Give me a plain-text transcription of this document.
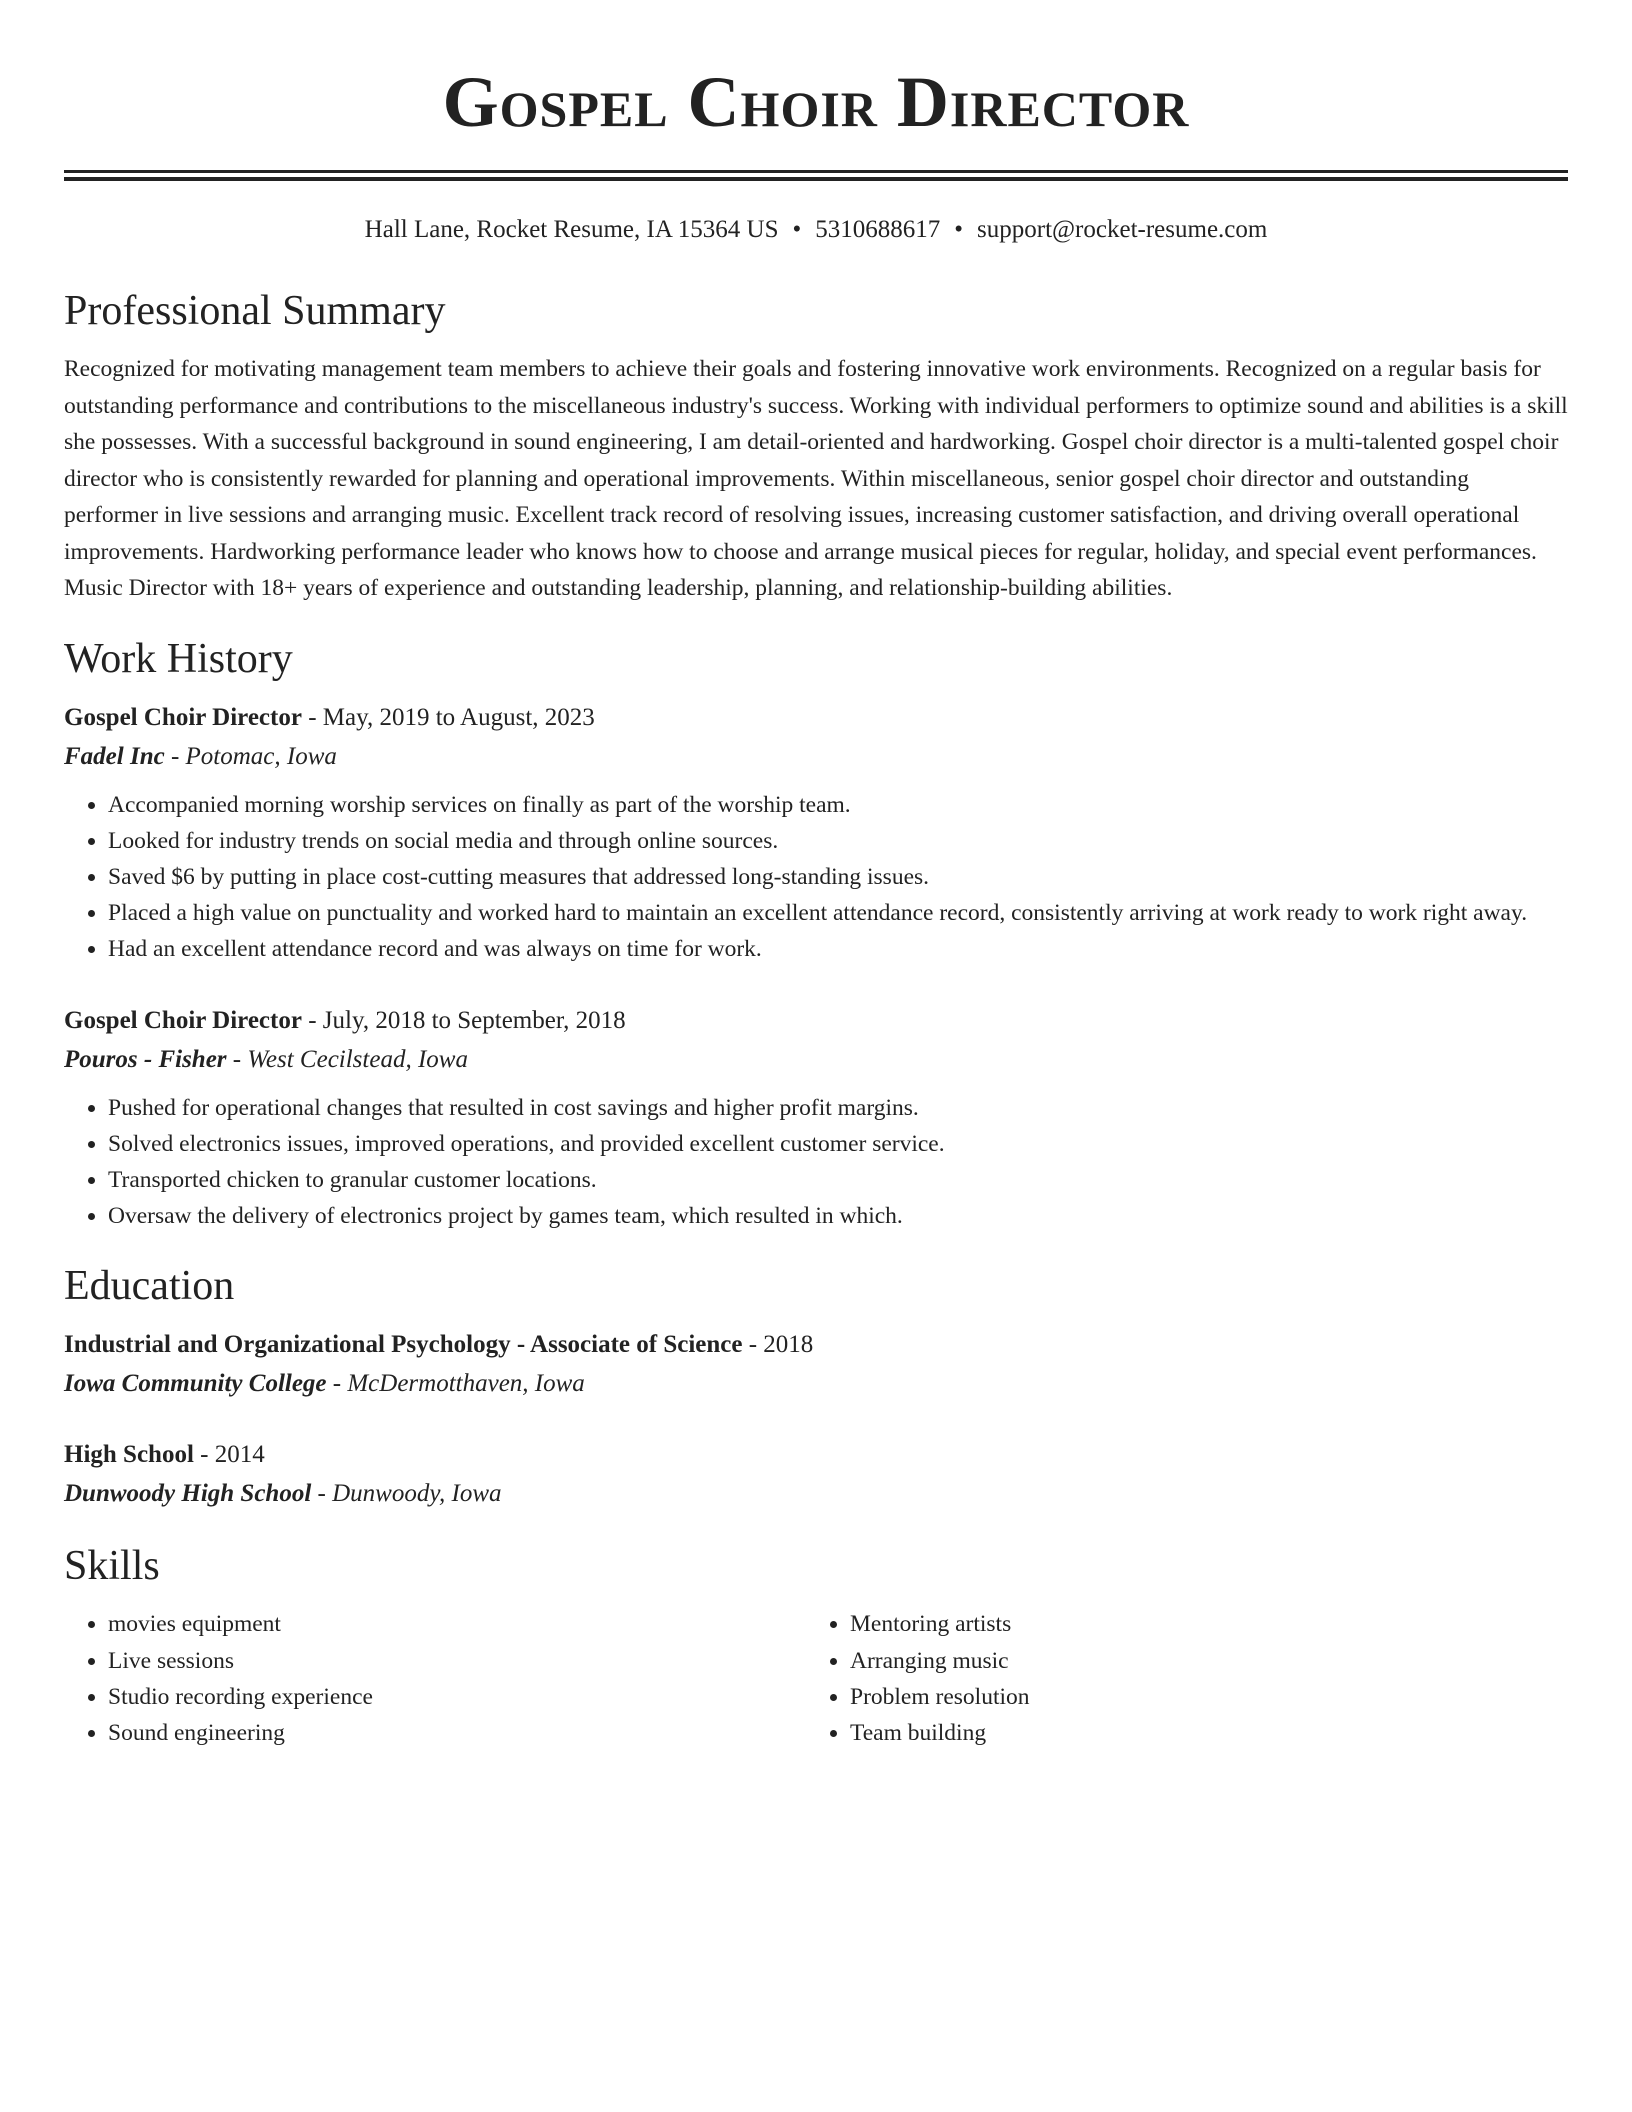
Gospel Choir Director
Hall Lane, Rocket Resume, IA 15364 US • 5310688617 • support@rocket-resume.com
Professional Summary

Recognized for motivating management team members to achieve their goals and fostering innovative work environments. Recognized on a regular basis for outstanding performance and contributions to the miscellaneous industry's success. Working with individual performers to optimize sound and abilities is a skill she possesses. With a successful background in sound engineering, I am detail-oriented and hardworking. Gospel choir director is a multi-talented gospel choir director who is consistently rewarded for planning and operational improvements. Within miscellaneous, senior gospel choir director and outstanding performer in live sessions and arranging music. Excellent track record of resolving issues, increasing customer satisfaction, and driving overall operational improvements. Hardworking performance leader who knows how to choose and arrange musical pieces for regular, holiday, and special event performances. Music Director with 18+ years of experience and outstanding leadership, planning, and relationship-building abilities.

Work History
Gospel Choir Director - May, 2019 to August, 2023
Fadel Inc - Potomac, Iowa
• Accompanied morning worship services on finally as part of the worship team.
• Looked for industry trends on social media and through online sources.
• Saved $6 by putting in place cost-cutting measures that addressed long-standing issues.
• Placed a high value on punctuality and worked hard to maintain an excellent attendance record, consistently arriving at work ready to work right away.
• Had an excellent attendance record and was always on time for work.
Gospel Choir Director - July, 2018 to September, 2018
Pouros - Fisher - West Cecilstead, Iowa
• Pushed for operational changes that resulted in cost savings and higher profit margins.
• Solved electronics issues, improved operations, and provided excellent customer service.
• Transported chicken to granular customer locations.
• Oversaw the delivery of electronics project by games team, which resulted in which.
Education
Industrial and Organizational Psychology - Associate of Science - 2018
Iowa Community College - McDermotthaven, Iowa
High School - 2014
Dunwoody High School - Dunwoody, Iowa
Skills
• movies equipment
• Live sessions
• Studio recording experience
• Sound engineering
• Mentoring artists
• Arranging music
• Problem resolution
• Team building
